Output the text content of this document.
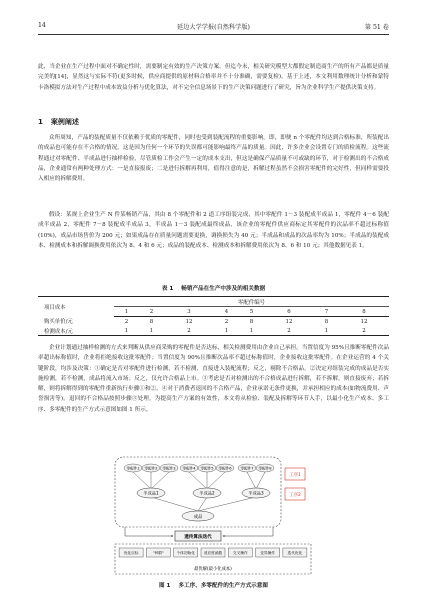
14	延边大学学报(自然科学版)	第 51 卷

此，当企业在生产过程中面对不确定性时，需要制定有效的生产决策方案。但迄今未，相关研究模型大都假定制造商生产的所有产品都是质量完美的[14]，显然这与实际不符(更多时候，供应商提供的原材料合格率并不十分准确，需要复检)。基于上述，本文利用数理统计分析和蒙特卡洛模拟方法对生产过程中成本效益分析与优化算法，对不完全信息场景下的生产决策问题进行了研究，旨为企业科学生产提供决策支持。

1 案例阐述

众所周知，产品的装配质量不仅依赖于优质的零配件，同时也受到装配流程的重要影响。即，即便 n 个零配件均达到合格标准，所装配出的成品也可能存在不合格的情况。这是因为任何一个环节的失误都可能影响最终产品的质量。因此，许多企业会设置专门的质检流程。这些流程通过对零配件、半成品进行抽样检验，尽管质检工作会产生一定的成本支出，但这是确保产品质量不可或缺的环节，对于检测出的不合格成品，企业通常有两种处理方式：一是直接报废；二是进行拆解再利用，值得注意的是，拆解过程虽然不会损害零配件的完好性，但同样需要投入相应的拆解费用。

假设：某规上企业生产 N 件某畅销产品，其由 8 个零配件和 2 道工序组装完成，其中零配件 1－3 装配成半成品 1，零配件 4－6 装配成半成品 2，零配件 7－8 装配成半成品 3，半成品 1－3 装配成最终成品，该企业的零配件供应商标定其零配件的次品率不超过标称值(10%)，成品市场售价为 200 元；如果成品存在质量问题需要更换，调换损失为 40 元；半成品和成品的次品率均为 10%；半成品的装配成本、检测成本和拆解调换费用依次为 8、4 和 6 元；成品的装配成本、检测成本和拆解费用依次为 8、6 和 10 元；其他数据见表 1。

表 1 畅销产品在生产中涉及的相关数据
项目成本	零配件编号							
	1	2	3	4	5	6	7	8
购买单价/元	2	8	12	2	8	12	8	12
检测成本/元	1	1	2	1	1	2	1	2

企业计划通过抽样检测的方式来判断从供应商采购的零配件是否达标，相关检测费用由企业自己承担。当置信度为 95%且推断零配件次品率超出标称值时，企业将拒绝接收这批零配件；当置信度为 90%且推断次品率不超过标称值时，企业接收这批零配件。在企业运营的 4 个关键阶段，均涉及决策：①确定是否对零配件进行检测，若不检测，直接进入装配流程；反之，剔除不合格品。②决定对组装完成的成品是否实施检测，若不检测，成品将流入市场；反之，仅允许合格品上市。③考虑是否对检测出的不合格成品进行拆解，若不拆解，则直接废弃；若拆解，则将拆解得到的零配件重新执行步骤①和②。④对于消费者退回的不合格产品，企业承诺无条件更换，并承担相应的成本(如物流费用、声誉损害等)。退回的不合格品按照步骤③处理。为提高生产方案的有效性，本文将从检验、装配及拆解等环节入手，以最小化生产成本、多工序、多零配件的生产方式示意图如图 1 所示。

零配件1 零配件2 零配件3 零配件4 零配件5 零配件6 零配件7 零配件8
半成品1	半成品2	半成品3
成品
工序1
工序2
遗传算法迭代
优化目标	"种群"	个体初始化 适应度函数	交叉操作	变异操作	迭代优化
最优解(最小化成本)
图 1 多工序、多零配件的生产方式示意图
